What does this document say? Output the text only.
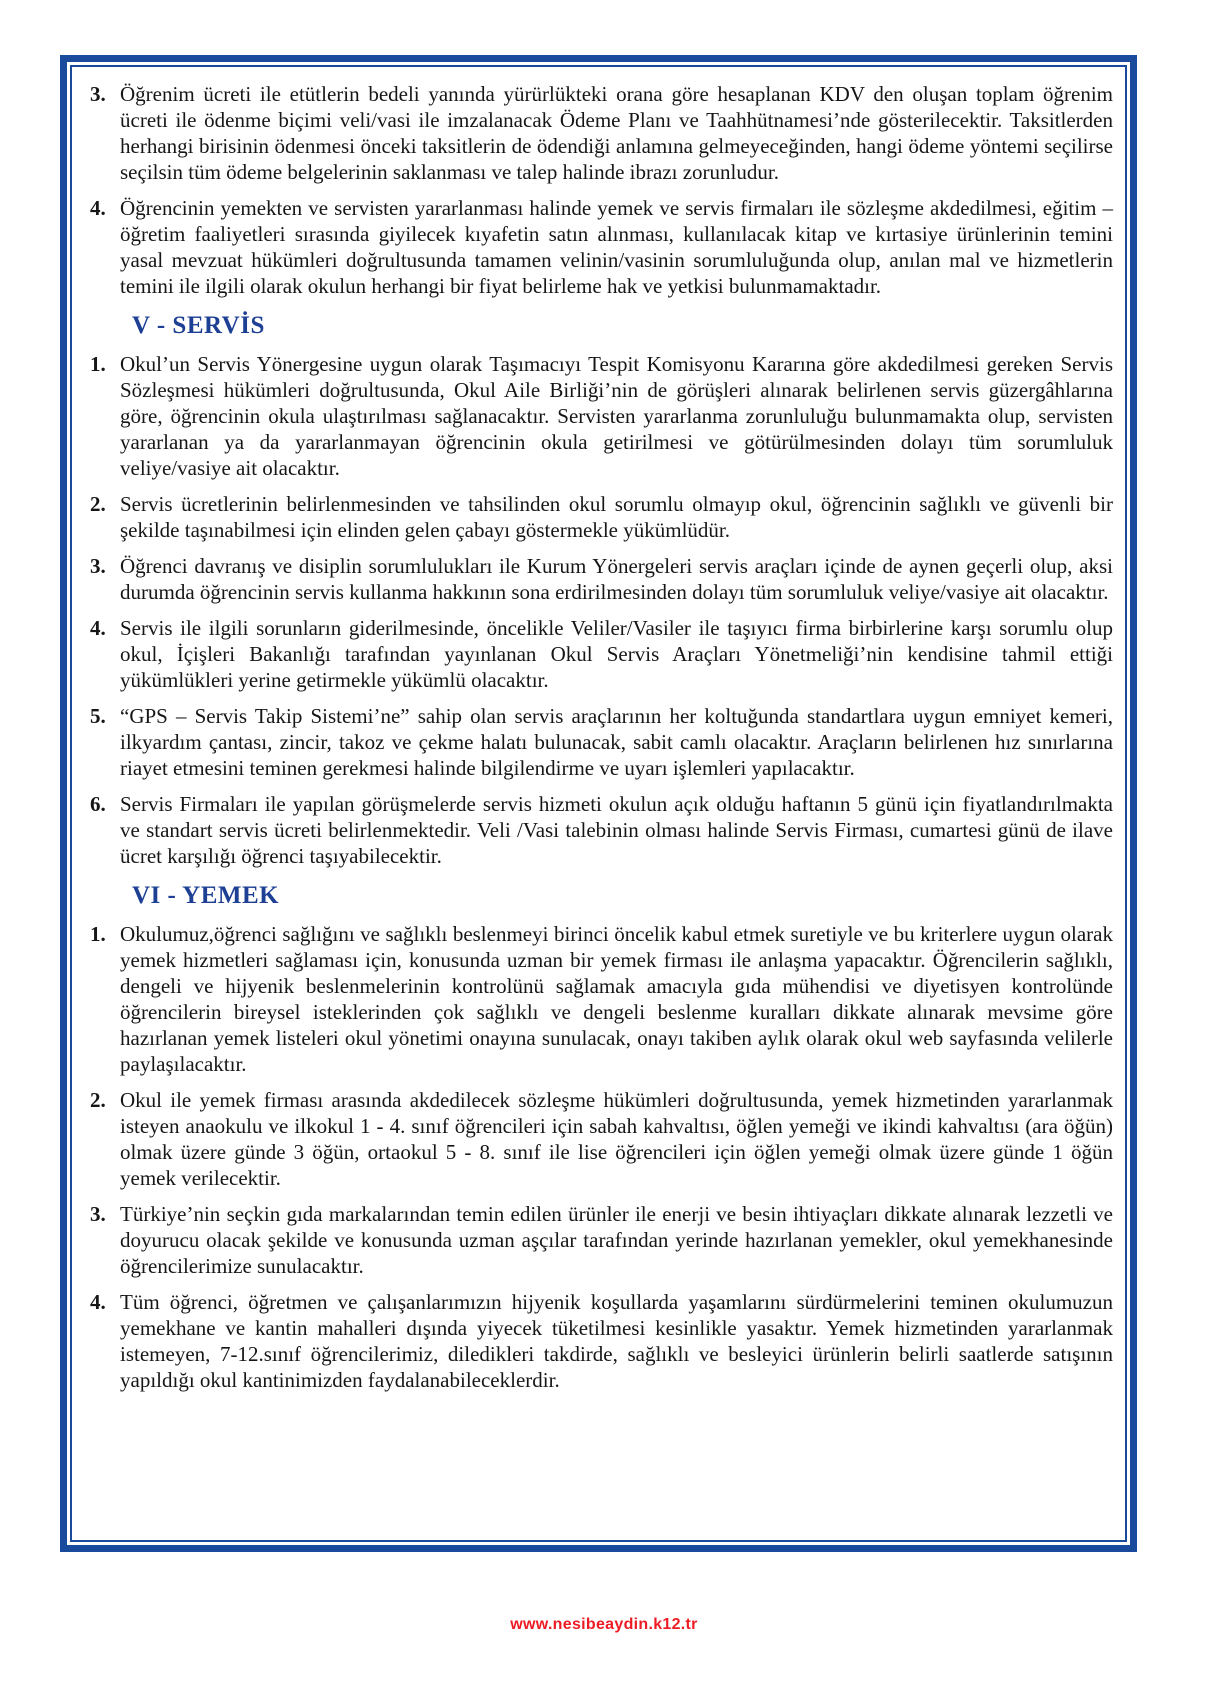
3. Öğrenim ücreti ile etütlerin bedeli yanında yürürlükteki orana göre hesaplanan KDV den oluşan toplam öğrenim ücreti ile ödenme biçimi veli/vasi ile imzalanacak Ödeme Planı ve Taahhütnamesi’nde gösterilecektir. Taksitlerden herhangi birisinin ödenmesi önceki taksitlerin de ödendiği anlamına gelmeyeceğinden, hangi ödeme yöntemi seçilirse seçilsin tüm ödeme belgelerinin saklanması ve talep halinde ibrazı zorunludur.
4. Öğrencinin yemekten ve servisten yararlanması halinde yemek ve servis firmaları ile sözleşme akdedilmesi, eğitim – öğretim faaliyetleri sırasında giyilecek kıyafetin satın alınması, kullanılacak kitap ve kırtasiye ürünlerinin temini yasal mevzuat hükümleri doğrultusunda tamamen velinin/vasinin sorumluluğunda olup, anılan mal ve hizmetlerin temini ile ilgili olarak okulun herhangi bir fiyat belirleme hak ve yetkisi bulunmamaktadır.
V - SERVİS
1. Okul’un Servis Yönergesine uygun olarak Taşımacıyı Tespit Komisyonu Kararına göre akdedilmesi gereken Servis Sözleşmesi hükümleri doğrultusunda, Okul Aile Birliği’nin de görüşleri alınarak belirlenen servis güzergâhlarına göre, öğrencinin okula ulaştırılması sağlanacaktır. Servisten yararlanma zorunluluğu bulunmamakta olup, servisten yararlanan ya da yararlanmayan öğrencinin okula getirilmesi ve götürülmesinden dolayı tüm sorumluluk veliye/vasiye ait olacaktır.
2. Servis ücretlerinin belirlenmesinden ve tahsilinden okul sorumlu olmayıp okul, öğrencinin sağlıklı ve güvenli bir şekilde taşınabilmesi için elinden gelen çabayı göstermekle yükümlüdür.
3. Öğrenci davranış ve disiplin sorumlulukları ile Kurum Yönergeleri servis araçları içinde de aynen geçerli olup, aksi durumda öğrencinin servis kullanma hakkının sona erdirilmesinden dolayı tüm sorumluluk veliye/vasiye ait olacaktır.
4. Servis ile ilgili sorunların giderilmesinde, öncelikle Veliler/Vasiler ile taşıyıcı firma birbirlerine karşı sorumlu olup okul, İçişleri Bakanlığı tarafından yayınlanan Okul Servis Araçları Yönetmeliği’nin kendisine tahmil ettiği yükümlükleri yerine getirmekle yükümlü olacaktır.
5. “GPS – Servis Takip Sistemi’ne” sahip olan servis araçlarının her koltuğunda standartlara uygun emniyet kemeri, ilkyardım çantası, zincir, takoz ve çekme halatı bulunacak, sabit camlı olacaktır. Araçların belirlenen hız sınırlarına riayet etmesini teminen gerekmesi halinde bilgilendirme ve uyarı işlemleri yapılacaktır.
6. Servis Firmaları ile yapılan görüşmelerde servis hizmeti okulun açık olduğu haftanın 5 günü için fiyatlandırılmakta ve standart servis ücreti belirlenmektedir. Veli /Vasi talebinin olması halinde Servis Firması, cumartesi günü de ilave ücret karşılığı öğrenci taşıyabilecektir.
VI - YEMEK
1. Okulumuz,öğrenci sağlığını ve sağlıklı beslenmeyi birinci öncelik kabul etmek suretiyle ve bu kriterlere uygun olarak yemek hizmetleri sağlaması için, konusunda uzman bir yemek firması ile anlaşma yapacaktır. Öğrencilerin sağlıklı, dengeli ve hijyenik beslenmelerinin kontrolünü sağlamak amacıyla gıda mühendisi ve diyetisyen kontrolünde öğrencilerin bireysel isteklerinden çok sağlıklı ve dengeli beslenme kuralları dikkate alınarak mevsime göre hazırlanan yemek listeleri okul yönetimi onayına sunulacak, onayı takiben aylık olarak okul web sayfasında velilerle paylaşılacaktır.
2. Okul ile yemek firması arasında akdedilecek sözleşme hükümleri doğrultusunda, yemek hizmetinden yararlanmak isteyen anaokulu ve ilkokul 1 - 4. sınıf öğrencileri için sabah kahvaltısı, öğlen yemeği ve ikindi kahvaltısı (ara öğün) olmak üzere günde 3 öğün, ortaokul 5 - 8. sınıf ile lise öğrencileri için öğlen yemeği olmak üzere günde 1 öğün yemek verilecektir.
3. Türkiye’nin seçkin gıda markalarından temin edilen ürünler ile enerji ve besin ihtiyaçları dikkate alınarak lezzetli ve doyurucu olacak şekilde ve konusunda uzman aşçılar tarafından yerinde hazırlanan yemekler, okul yemekhanesinde öğrencilerimize sunulacaktır.
4. Tüm öğrenci, öğretmen ve çalışanlarımızın hijyenik koşullarda yaşamlarını sürdürmelerini teminen okulumuzun yemekhane ve kantin mahalleri dışında yiyecek tüketilmesi kesinlikle yasaktır. Yemek hizmetinden yararlanmak istemeyen, 7-12.sınıf öğrencilerimiz, diledikleri takdirde, sağlıklı ve besleyici ürünlerin belirli saatlerde satışının yapıldığı okul kantinimizden faydalanabileceklerdir.
www.nesibeaydin.k12.tr
